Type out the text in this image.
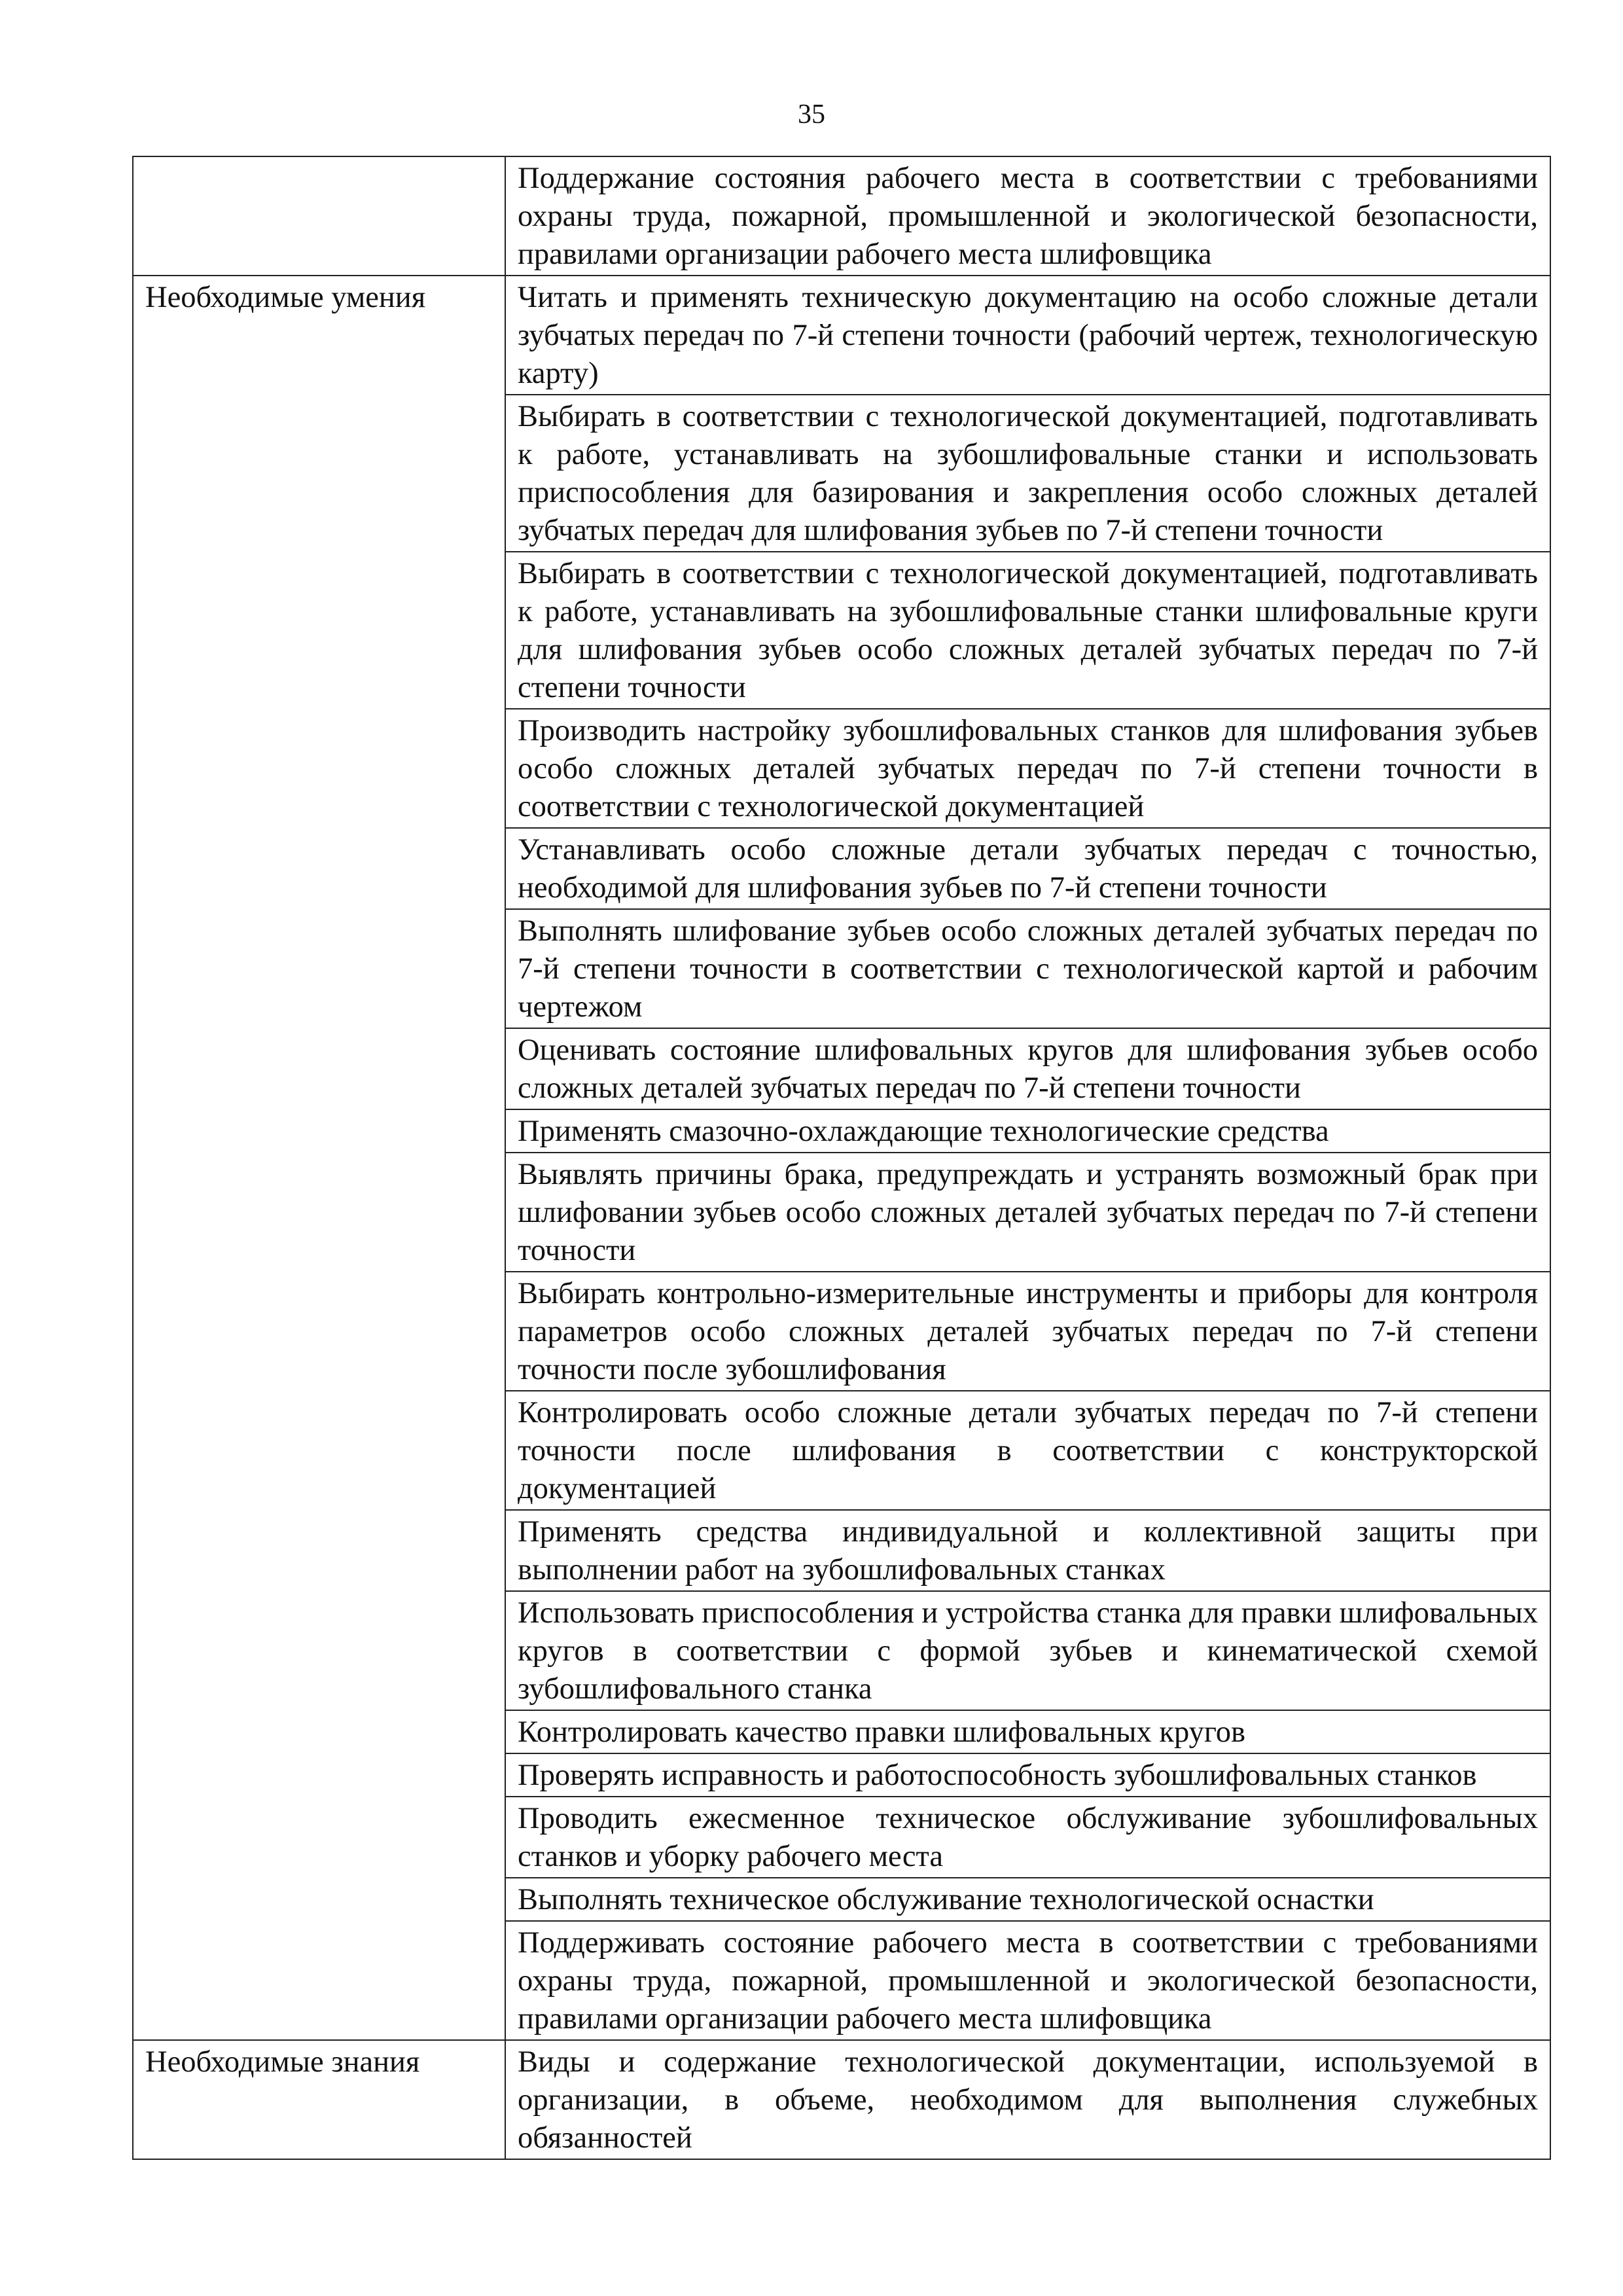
35
	Поддержание состояния рабочего места в соответствии с требованиями охраны труда, пожарной, промышленной и экологической безопасности, правилами организации рабочего места шлифовщика
Необходимые умения	Читать и применять техническую документацию на особо сложные детали зубчатых передач по 7-й степени точности (рабочий чертеж, технологическую карту)
	Выбирать в соответствии с технологической документацией, подготавливать к работе, устанавливать на зубошлифовальные станки и использовать приспособления для базирования и закрепления особо сложных деталей зубчатых передач для шлифования зубьев по 7-й степени точности
	Выбирать в соответствии с технологической документацией, подготавливать к работе, устанавливать на зубошлифовальные станки шлифовальные круги для шлифования зубьев особо сложных деталей зубчатых передач по 7-й степени точности
	Производить настройку зубошлифовальных станков для шлифования зубьев особо сложных деталей зубчатых передач по 7-й степени точности в соответствии с технологической документацией
	Устанавливать особо сложные детали зубчатых передач с точностью, необходимой для шлифования зубьев по 7-й степени точности
	Выполнять шлифование зубьев особо сложных деталей зубчатых передач по 7-й степени точности в соответствии с технологической картой и рабочим чертежом
	Оценивать состояние шлифовальных кругов для шлифования зубьев особо сложных деталей зубчатых передач по 7-й степени точности
	Применять смазочно-охлаждающие технологические средства
	Выявлять причины брака, предупреждать и устранять возможный брак при шлифовании зубьев особо сложных деталей зубчатых передач по 7-й степени точности
	Выбирать контрольно-измерительные инструменты и приборы для контроля параметров особо сложных деталей зубчатых передач по 7-й степени точности после зубошлифования
	Контролировать особо сложные детали зубчатых передач по 7-й степени точности после шлифования в соответствии с конструкторской документацией
	Применять средства индивидуальной и коллективной защиты при выполнении работ на зубошлифовальных станках
	Использовать приспособления и устройства станка для правки шлифовальных кругов в соответствии с формой зубьев и кинематической схемой зубошлифовального станка
	Контролировать качество правки шлифовальных кругов
	Проверять исправность и работоспособность зубошлифовальных станков
	Проводить ежесменное техническое обслуживание зубошлифовальных станков и уборку рабочего места
	Выполнять техническое обслуживание технологической оснастки
	Поддерживать состояние рабочего места в соответствии с требованиями охраны труда, пожарной, промышленной и экологической безопасности, правилами организации рабочего места шлифовщика
Необходимые знания	Виды и содержание технологической документации, используемой в организации, в объеме, необходимом для выполнения служебных обязанностей
